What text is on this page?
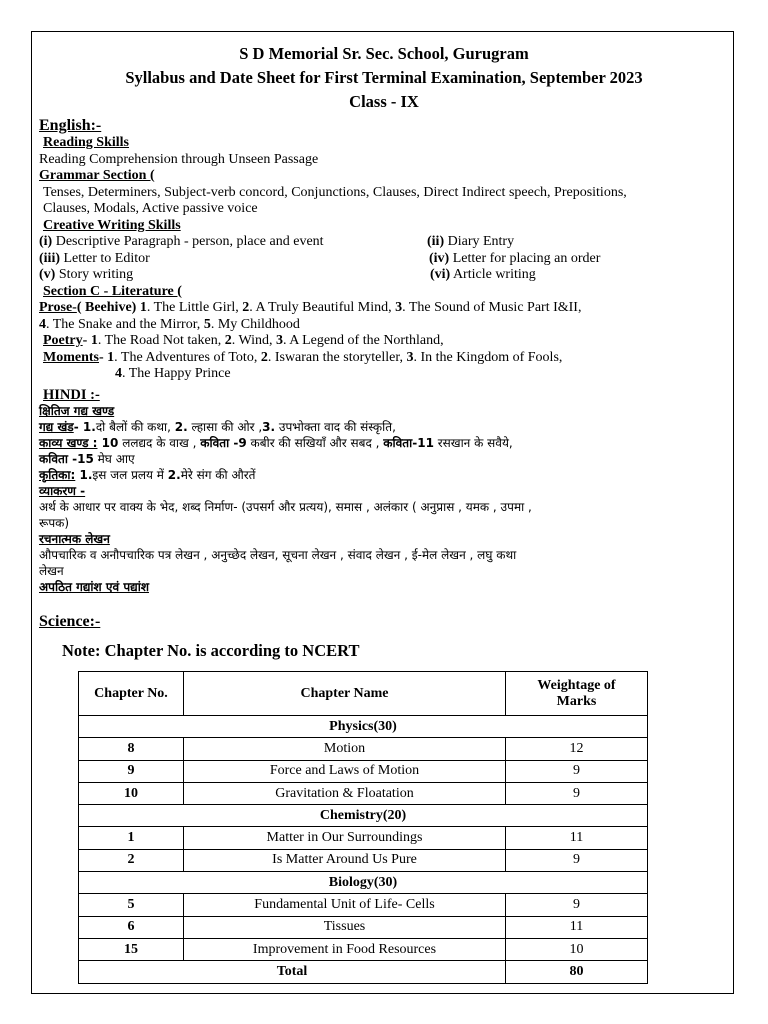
S D Memorial Sr. Sec. School, Gurugram
Syllabus and Date Sheet for First Terminal Examination, September 2023
Class - IX
English:-
Reading Skills
Reading Comprehension through Unseen Passage
Grammar Section (
Tenses, Determiners, Subject-verb concord, Conjunctions, Clauses, Direct Indirect speech, Prepositions,
Clauses, Modals, Active passive voice
Creative Writing Skills
(i) Descriptive Paragraph - person, place and event	(ii) Diary Entry
(iii) Letter to Editor	(iv) Letter for placing an order
(v) Story writing	(vi) Article writing
Section C - Literature (
Prose-( Beehive) 1. The Little Girl, 2. A Truly Beautiful Mind, 3. The Sound of Music Part I&II,
4. The Snake and the Mirror, 5. My Childhood
Poetry- 1. The Road Not taken, 2. Wind, 3. A Legend of the Northland,
Moments- 1. The Adventures of Toto, 2. Iswaran the storyteller, 3. In the Kingdom of Fools,
4. The Happy Prince
HINDI :-
क्षितिज गद्य खण्ड
गद्य खंड- 1.दो बैलों की कथा, 2. ल्हासा की ओर ,3. उपभोक्ता वाद की संस्कृति,
काव्य खण्ड : 10 ललद्यद के वाख , कविता -9 कबीर की सखियाँ और सबद , कविता-11 रसखान के सवैये,
कविता -15 मेघ आए
कृतिका: 1.इस जल प्रलय में 2.मेरे संग की औरतें
व्याकरण -
अर्थ के आधार पर वाक्य के भेद, शब्द निर्माण- (उपसर्ग और प्रत्यय), समास , अलंकार ( अनुप्रास , यमक , उपमा ,
रूपक)
रचनात्मक लेखन
औपचारिक व अनौपचारिक पत्र लेखन , अनुच्छेद लेखन, सूचना लेखन , संवाद लेखन , ई-मेल लेखन , लघु कथा
लेखन
अपठित गद्यांश एवं पद्यांश
Science:-
Note: Chapter No. is according to NCERT
Chapter No.	Chapter Name	Weightage of
Marks
Physics(30)		
8	Motion	12
9	Force and Laws of Motion	9
10	Gravitation & Floatation	9
Chemistry(20)		
1	Matter in Our Surroundings	11
2	Is Matter Around Us Pure	9
Biology(30)		
5	Fundamental Unit of Life- Cells	9
6	Tissues	11
15	Improvement in Food Resources	10
Total		80
